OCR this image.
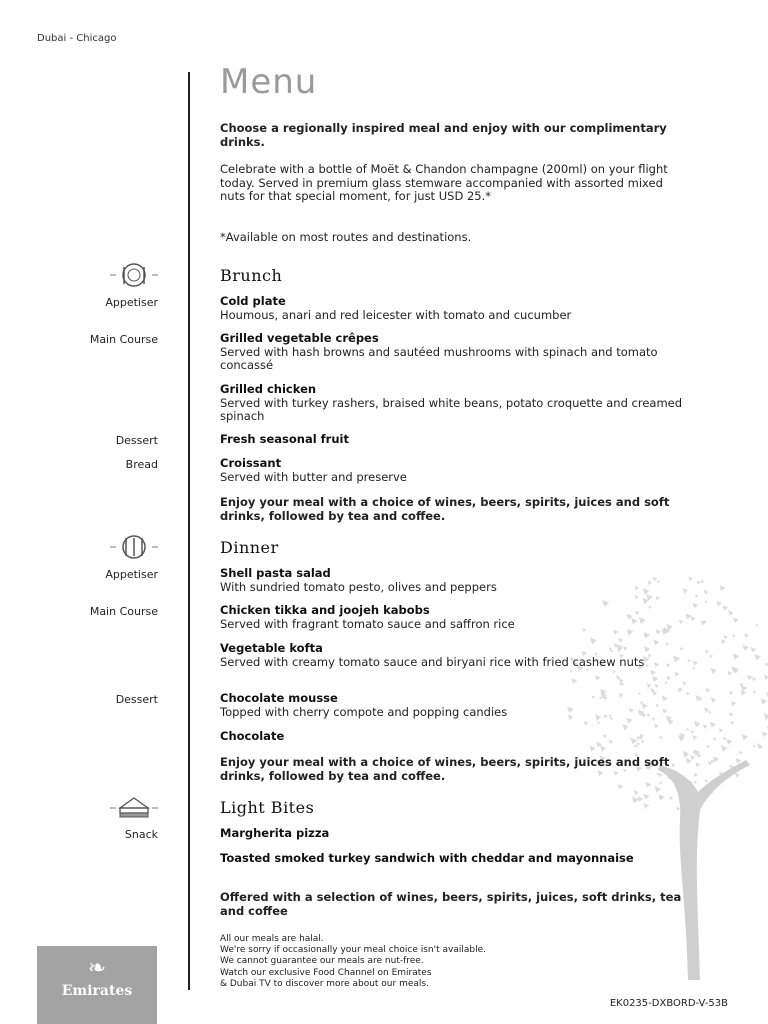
Dubai - Chicago
Menu
Choose a regionally inspired meal and enjoy with our complimentary drinks.
Celebrate with a bottle of Moët & Chandon champagne (200ml) on your flight today. Served in premium glass stemware accompanied with assorted mixed nuts for that special moment, for just USD 25.*
*Available on most routes and destinations.
Brunch
Appetiser	Cold plate
Houmous, anari and red leicester with tomato and cucumber
Main Course	Grilled vegetable crêpes
Served with hash browns and sautéed mushrooms with spinach and tomato concassé
Grilled chicken
Served with turkey rashers, braised white beans, potato croquette and creamed spinach
Dessert	Fresh seasonal fruit
Bread	Croissant
Served with butter and preserve
Enjoy your meal with a choice of wines, beers, spirits, juices and soft drinks, followed by tea and coffee.
Dinner
Appetiser	Shell pasta salad
With sundried tomato pesto, olives and peppers
Main Course	Chicken tikka and joojeh kabobs
Served with fragrant tomato sauce and saffron rice
Vegetable kofta
Served with creamy tomato sauce and biryani rice with fried cashew nuts
Dessert	Chocolate mousse
Topped with cherry compote and popping candies
Chocolate
Enjoy your meal with a choice of wines, beers, spirits, juices and soft drinks, followed by tea and coffee.
Light Bites
Snack	Margherita pizza
Toasted smoked turkey sandwich with cheddar and mayonnaise
Offered with a selection of wines, beers, spirits, juices, soft drinks, tea and coffee
All our meals are halal.
We're sorry if occasionally your meal choice isn't available.
We cannot guarantee our meals are nut-free.
Watch our exclusive Food Channel on Emirates
& Dubai TV to discover more about our meals.
❧
Emirates
EK0235-DXBORD-V-53B
